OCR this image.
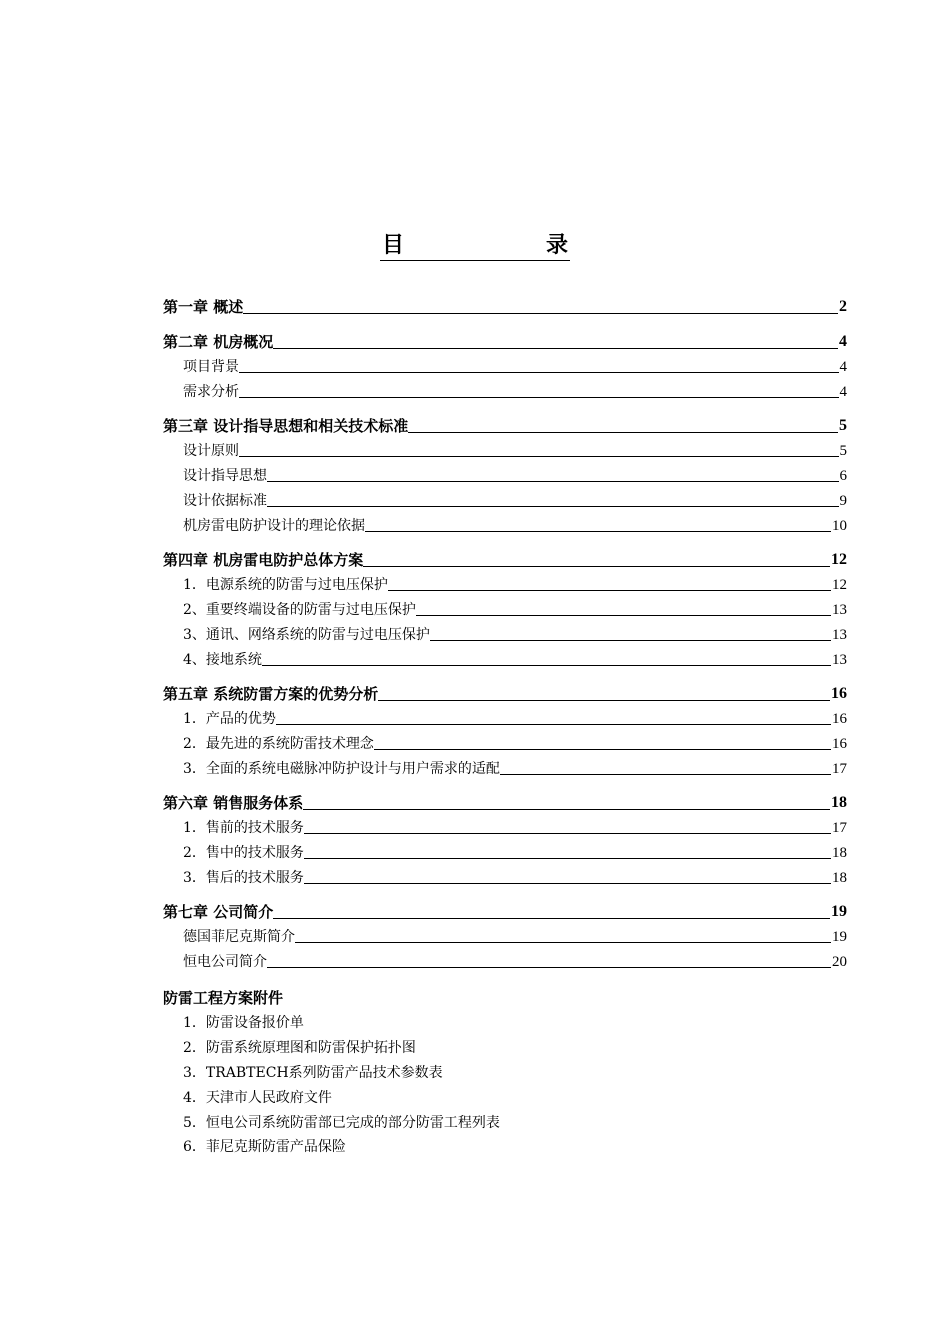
目	录
第一章 概述	2
第二章 机房概况	4
项目背景	4
需求分析	4
第三章 设计指导思想和相关技术标准	5
设计原则	5
设计指导思想	6
设计依据标准	9
机房雷电防护设计的理论依据	10
第四章 机房雷电防护总体方案	12
1．电源系统的防雷与过电压保护	12
2、重要终端设备的防雷与过电压保护	13
3、通讯、网络系统的防雷与过电压保护	13
4、接地系统	13
第五章 系统防雷方案的优势分析	16
1．产品的优势	16
2．最先进的系统防雷技术理念	16
3．全面的系统电磁脉冲防护设计与用户需求的适配	17
第六章 销售服务体系	18
1．售前的技术服务	17
2．售中的技术服务	18
3．售后的技术服务	18
第七章 公司简介	19
德国菲尼克斯简介	19
恒电公司简介	20
防雷工程方案附件
1．防雷设备报价单
2．防雷系统原理图和防雷保护拓扑图
3．TRABTECH系列防雷产品技术参数表
4．天津市人民政府文件
5．恒电公司系统防雷部已完成的部分防雷工程列表
6．菲尼克斯防雷产品保险
